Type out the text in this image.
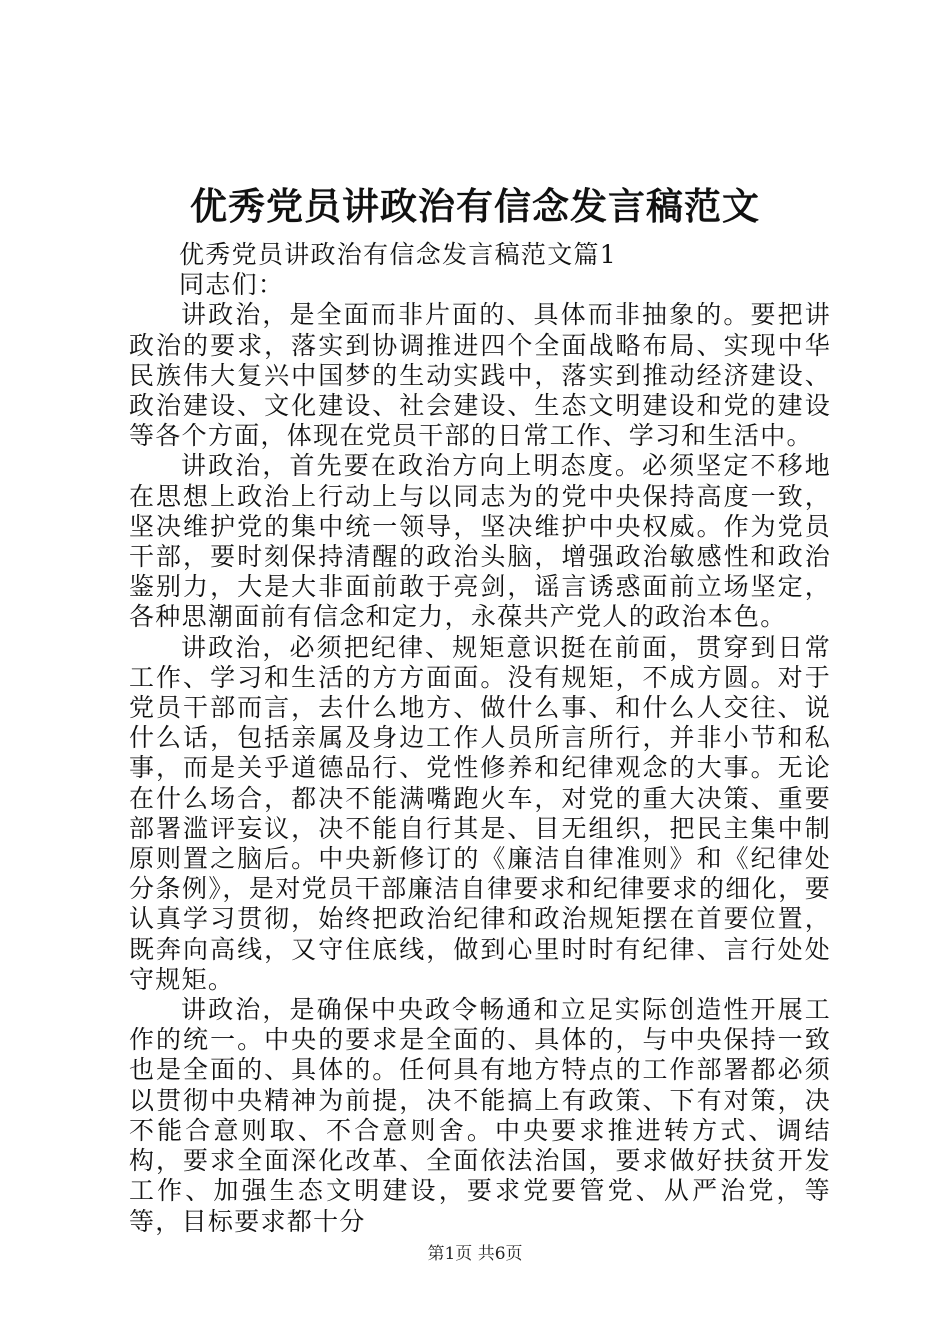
优秀党员讲政治有信念发言稿范文

优秀党员讲政治有信念发言稿范文篇1

同志们：

讲政治，是全面而非片面的、具体而非抽象的。要把讲政治的要求，落实到协调推进四个全面战略布局、实现中华民族伟大复兴中国梦的生动实践中，落实到推动经济建设、政治建设、文化建设、社会建设、生态文明建设和党的建设等各个方面，体现在党员干部的日常工作、学习和生活中。

讲政治，首先要在政治方向上明态度。必须坚定不移地在思想上政治上行动上与以同志为的党中央保持高度一致，坚决维护党的集中统一领导，坚决维护中央权威。作为党员干部，要时刻保持清醒的政治头脑，增强政治敏感性和政治鉴别力，大是大非面前敢于亮剑，谣言诱惑面前立场坚定，各种思潮面前有信念和定力，永葆共产党人的政治本色。

讲政治，必须把纪律、规矩意识挺在前面，贯穿到日常工作、学习和生活的方方面面。没有规矩，不成方圆。对于党员干部而言，去什么地方、做什么事、和什么人交往、说什么话，包括亲属及身边工作人员所言所行，并非小节和私事，而是关乎道德品行、党性修养和纪律观念的大事。无论在什么场合，都决不能满嘴跑火车，对党的重大决策、重要部署滥评妄议，决不能自行其是、目无组织，把民主集中制原则置之脑后。中央新修订的《廉洁自律准则》和《纪律处分条例》，是对党员干部廉洁自律要求和纪律要求的细化，要认真学习贯彻，始终把政治纪律和政治规矩摆在首要位置，既奔向高线，又守住底线，做到心里时时有纪律、言行处处守规矩。

讲政治，是确保中央政令畅通和立足实际创造性开展工作的统一。中央的要求是全面的、具体的，与中央保持一致也是全面的、具体的。任何具有地方特点的工作部署都必须以贯彻中央精神为前提，决不能搞上有政策、下有对策，决不能合意则取、不合意则舍。中央要求推进转方式、调结构，要求全面深化改革、全面依法治国，要求做好扶贫开发工作、加强生态文明建设，要求党要管党、从严治党，等等，目标要求都十分

第1页 共6页
